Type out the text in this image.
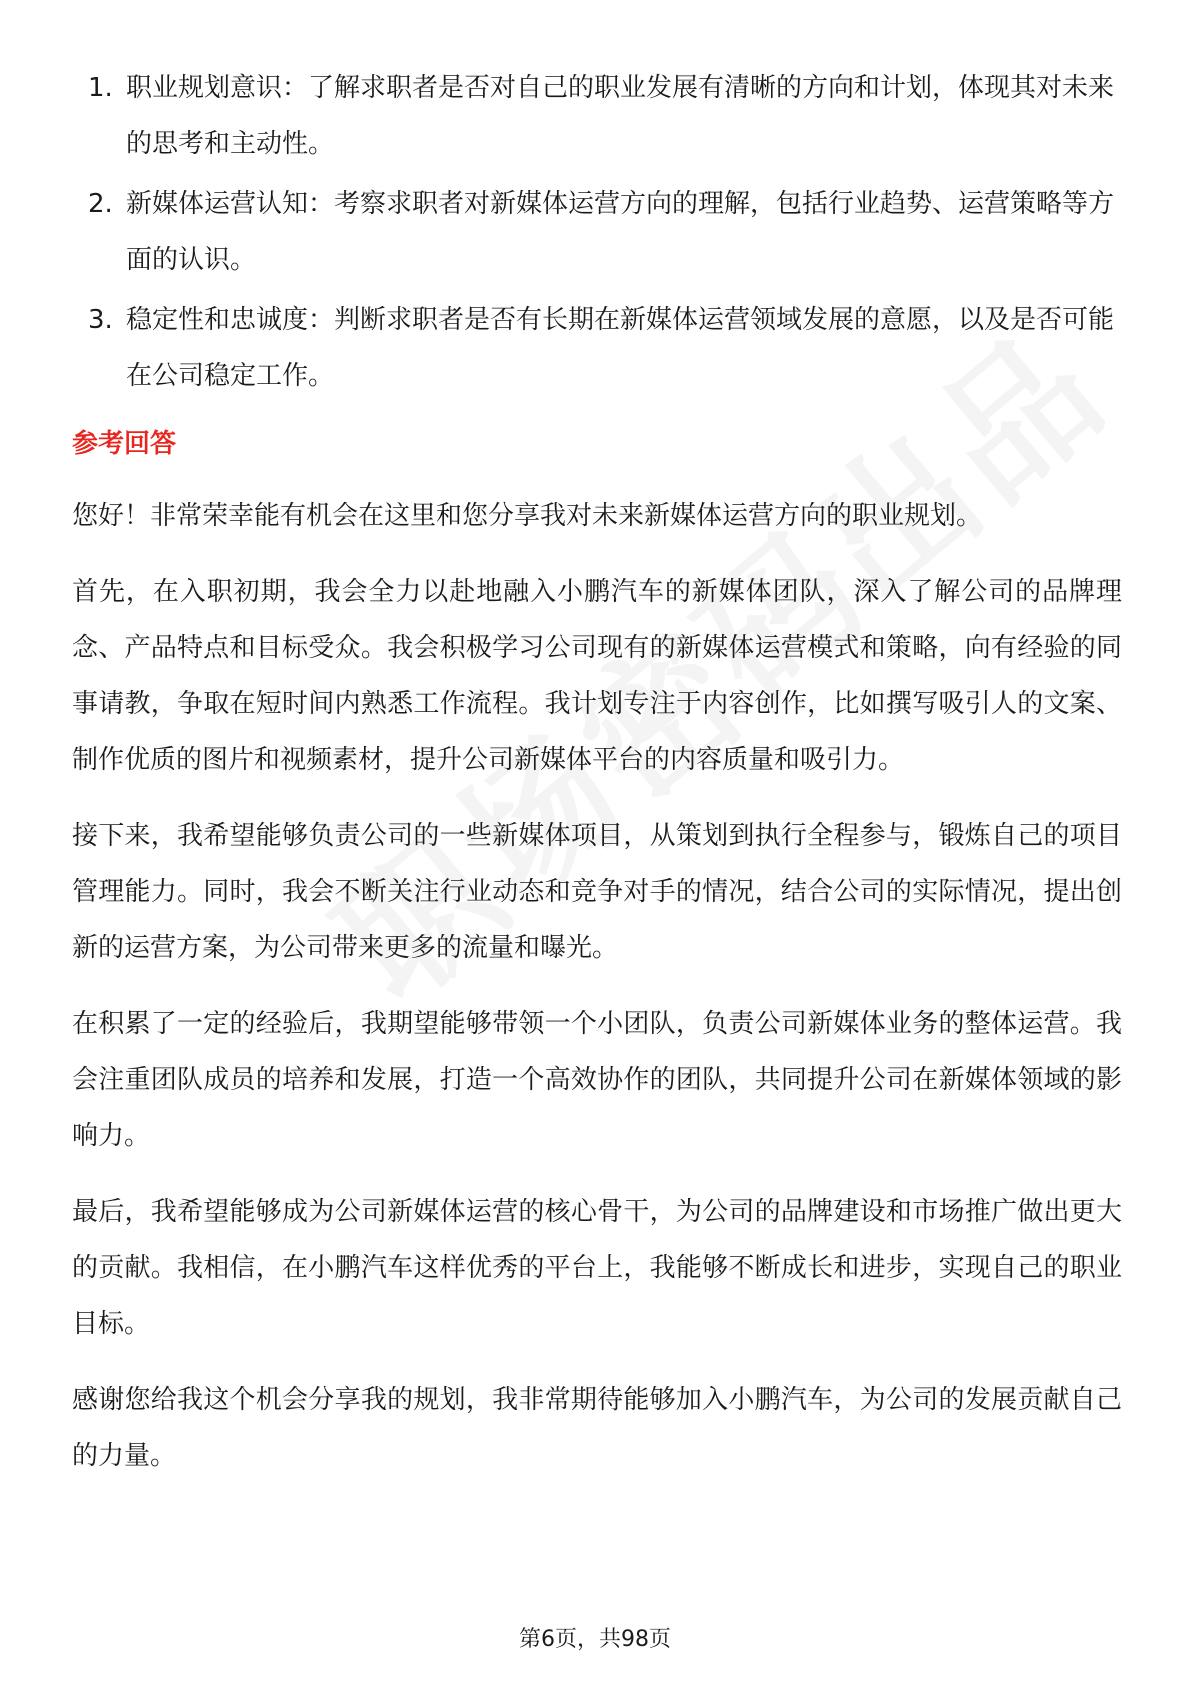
1. 职业规划意识：了解求职者是否对自己的职业发展有清晰的方向和计划，体现其对未来的思考和主动性。
2. 新媒体运营认知：考察求职者对新媒体运营方向的理解，包括行业趋势、运营策略等方面的认识。
3. 稳定性和忠诚度：判断求职者是否有长期在新媒体运营领域发展的意愿，以及是否可能在公司稳定工作。
参考回答

您好！非常荣幸能有机会在这里和您分享我对未来新媒体运营方向的职业规划。

首先，在入职初期，我会全力以赴地融入小鹏汽车的新媒体团队，深入了解公司的品牌理念、产品特点和目标受众。我会积极学习公司现有的新媒体运营模式和策略，向有经验的同事请教，争取在短时间内熟悉工作流程。我计划专注于内容创作，比如撰写吸引人的文案、制作优质的图片和视频素材，提升公司新媒体平台的内容质量和吸引力。

接下来，我希望能够负责公司的一些新媒体项目，从策划到执行全程参与，锻炼自己的项目管理能力。同时，我会不断关注行业动态和竞争对手的情况，结合公司的实际情况，提出创新的运营方案，为公司带来更多的流量和曝光。

在积累了一定的经验后，我期望能够带领一个小团队，负责公司新媒体业务的整体运营。我会注重团队成员的培养和发展，打造一个高效协作的团队，共同提升公司在新媒体领域的影响力。

最后，我希望能够成为公司新媒体运营的核心骨干，为公司的品牌建设和市场推广做出更大的贡献。我相信，在小鹏汽车这样优秀的平台上，我能够不断成长和进步，实现自己的职业目标。

感谢您给我这个机会分享我的规划，我非常期待能够加入小鹏汽车，为公司的发展贡献自己的力量。

第6页，共98页
